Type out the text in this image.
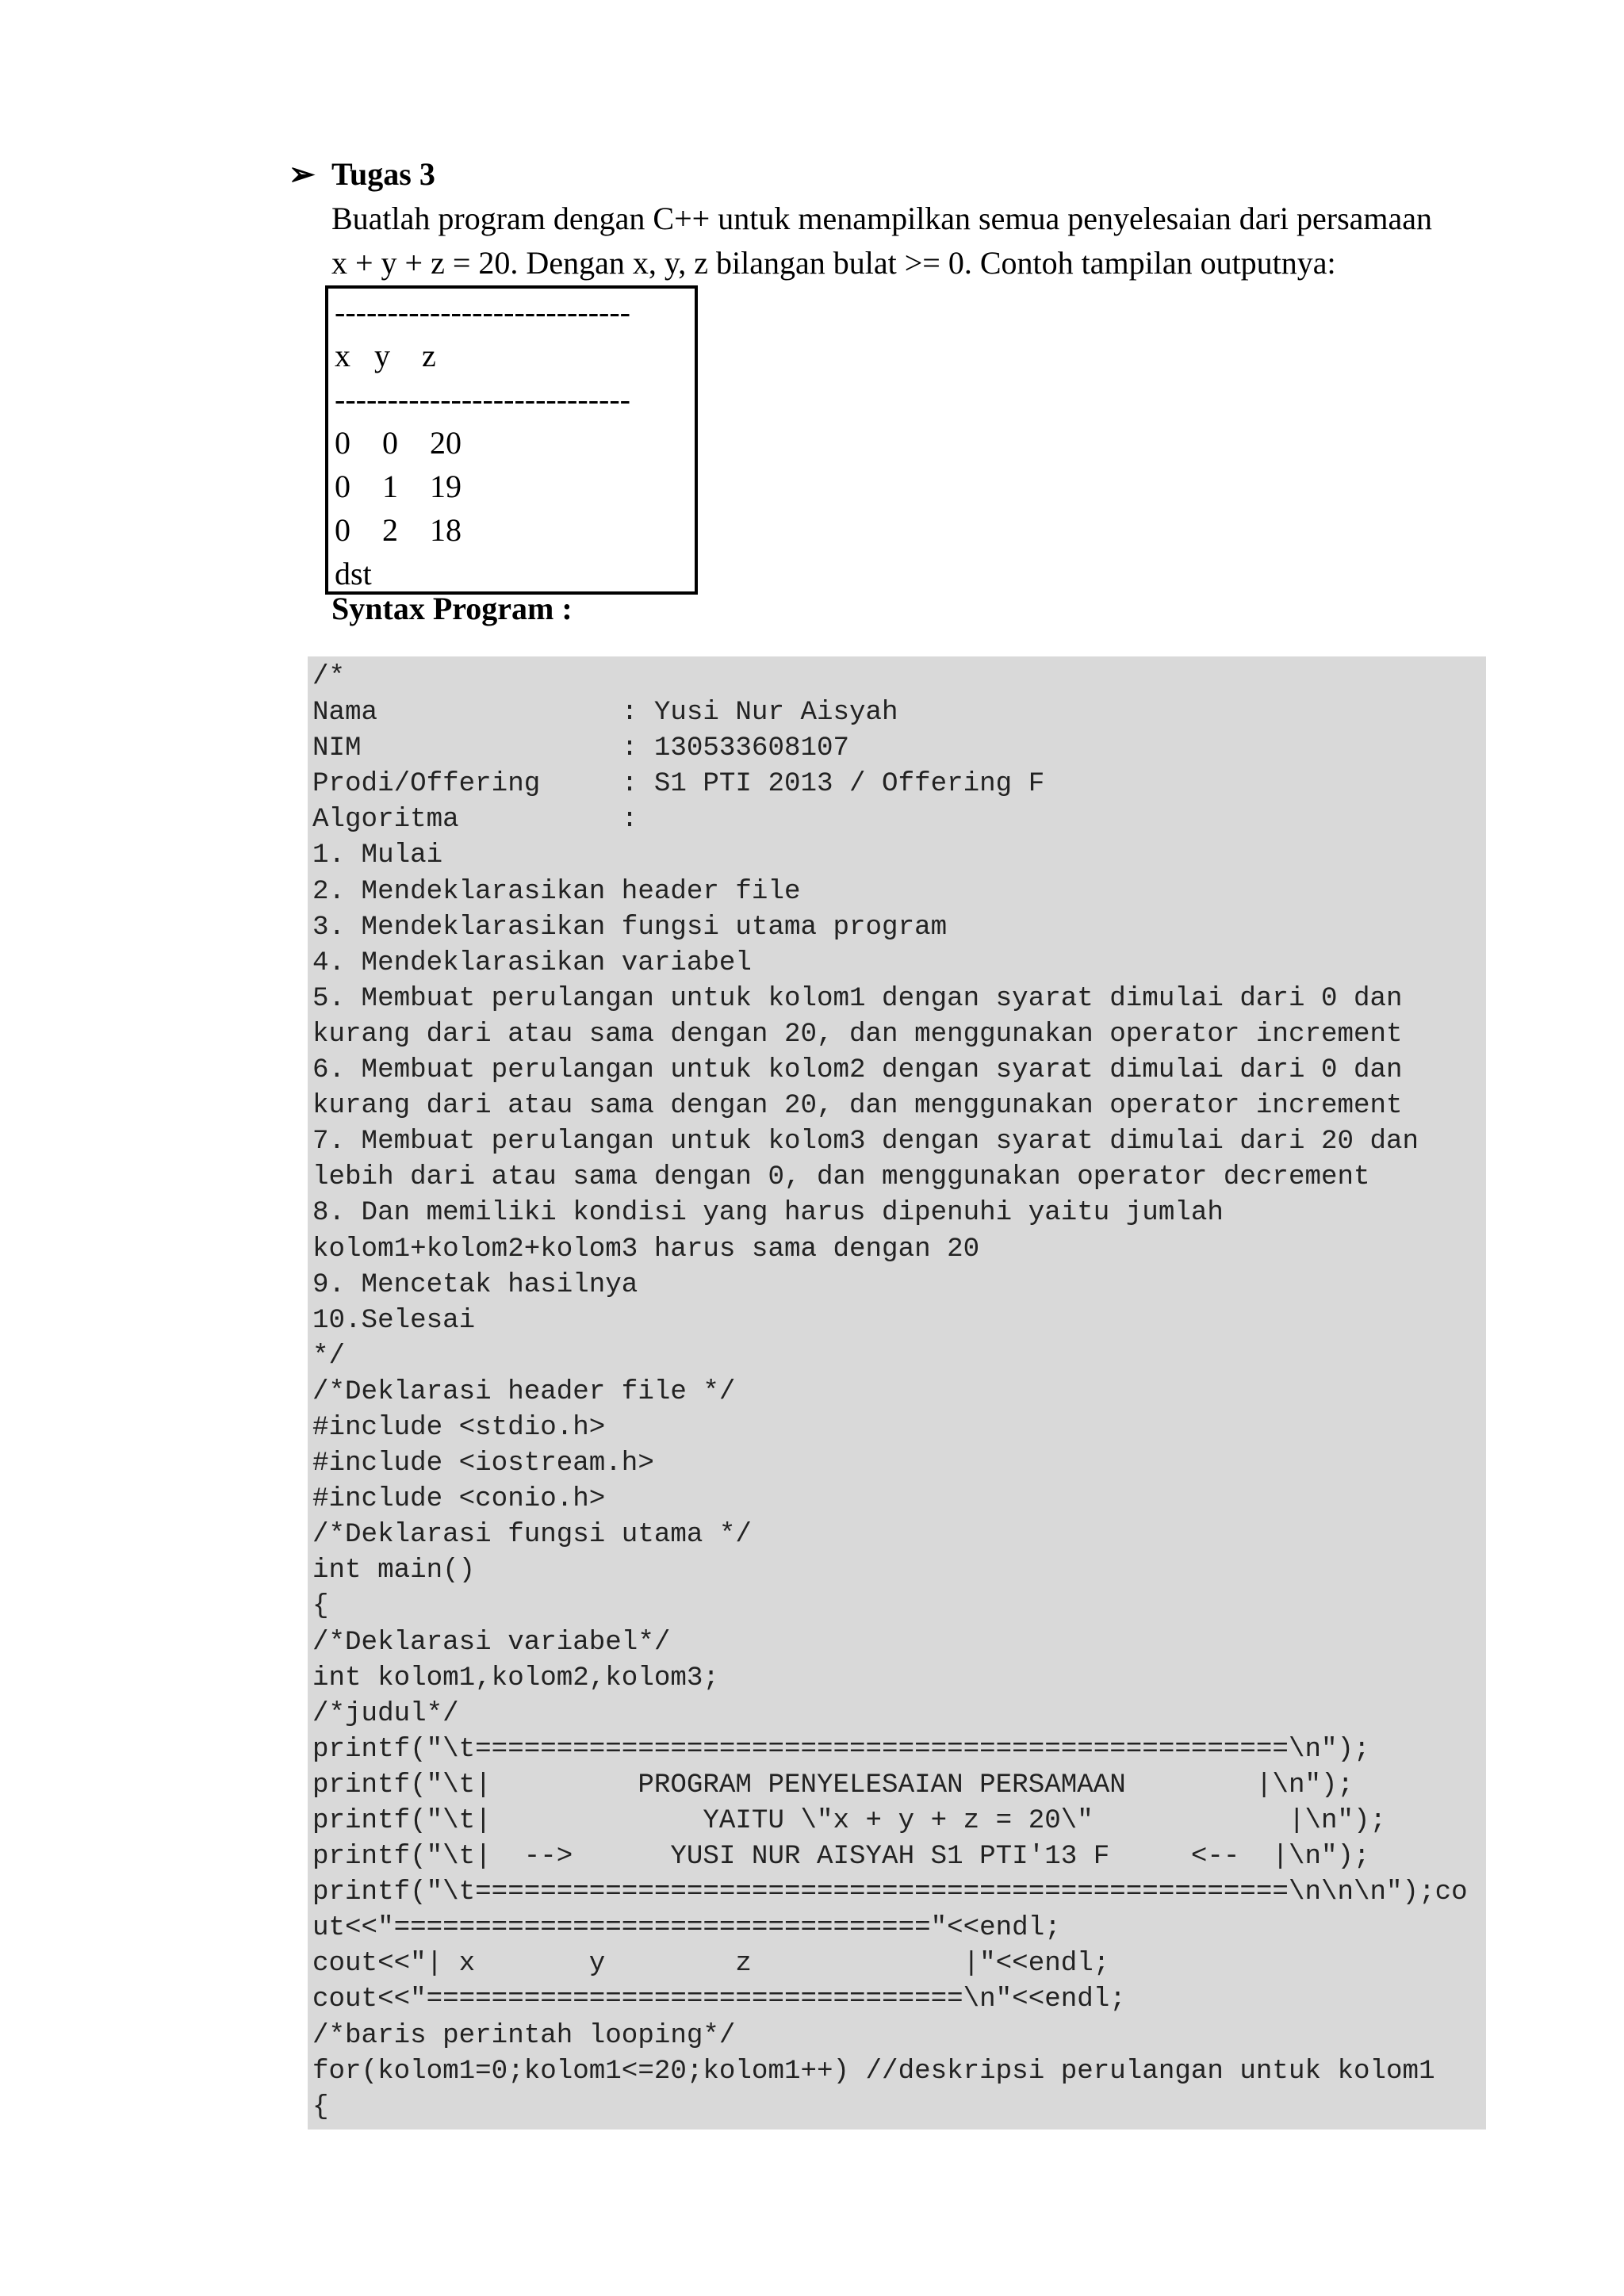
➢ Tugas 3
Buatlah program dengan C++ untuk menampilkan semua penyelesaian dari persamaan
x + y + z = 20. Dengan x, y, z bilangan bulat >= 0. Contoh tampilan outputnya:
----------------------------
x   y    z
----------------------------
0    0    20
0    1    19
0    2    18
dst
Syntax Program :
/*
Nama               : Yusi Nur Aisyah
NIM                : 130533608107
Prodi/Offering     : S1 PTI 2013 / Offering F
Algoritma          :
1. Mulai
2. Mendeklarasikan header file
3. Mendeklarasikan fungsi utama program
4. Mendeklarasikan variabel
5. Membuat perulangan untuk kolom1 dengan syarat dimulai dari 0 dan
kurang dari atau sama dengan 20, dan menggunakan operator increment
6. Membuat perulangan untuk kolom2 dengan syarat dimulai dari 0 dan
kurang dari atau sama dengan 20, dan menggunakan operator increment
7. Membuat perulangan untuk kolom3 dengan syarat dimulai dari 20 dan
lebih dari atau sama dengan 0, dan menggunakan operator decrement
8. Dan memiliki kondisi yang harus dipenuhi yaitu jumlah
kolom1+kolom2+kolom3 harus sama dengan 20
9. Mencetak hasilnya
10.Selesai
*/
/*Deklarasi header file */
#include <stdio.h>
#include <iostream.h>
#include <conio.h>
/*Deklarasi fungsi utama */
int main()
{
/*Deklarasi variabel*/
int kolom1,kolom2,kolom3;
/*judul*/
printf("\t==================================================\n");
printf("\t|         PROGRAM PENYELESAIAN PERSAMAAN        |\n");
printf("\t|             YAITU \"x + y + z = 20\"            |\n");
printf("\t|  -->      YUSI NUR AISYAH S1 PTI'13 F     <--  |\n");
printf("\t==================================================\n\n\n");co
ut<<"================================="<<endl;
cout<<"| x       y        z             |"<<endl;
cout<<"=================================\n"<<endl;
/*baris perintah looping*/
for(kolom1=0;kolom1<=20;kolom1++) //deskripsi perulangan untuk kolom1
{
